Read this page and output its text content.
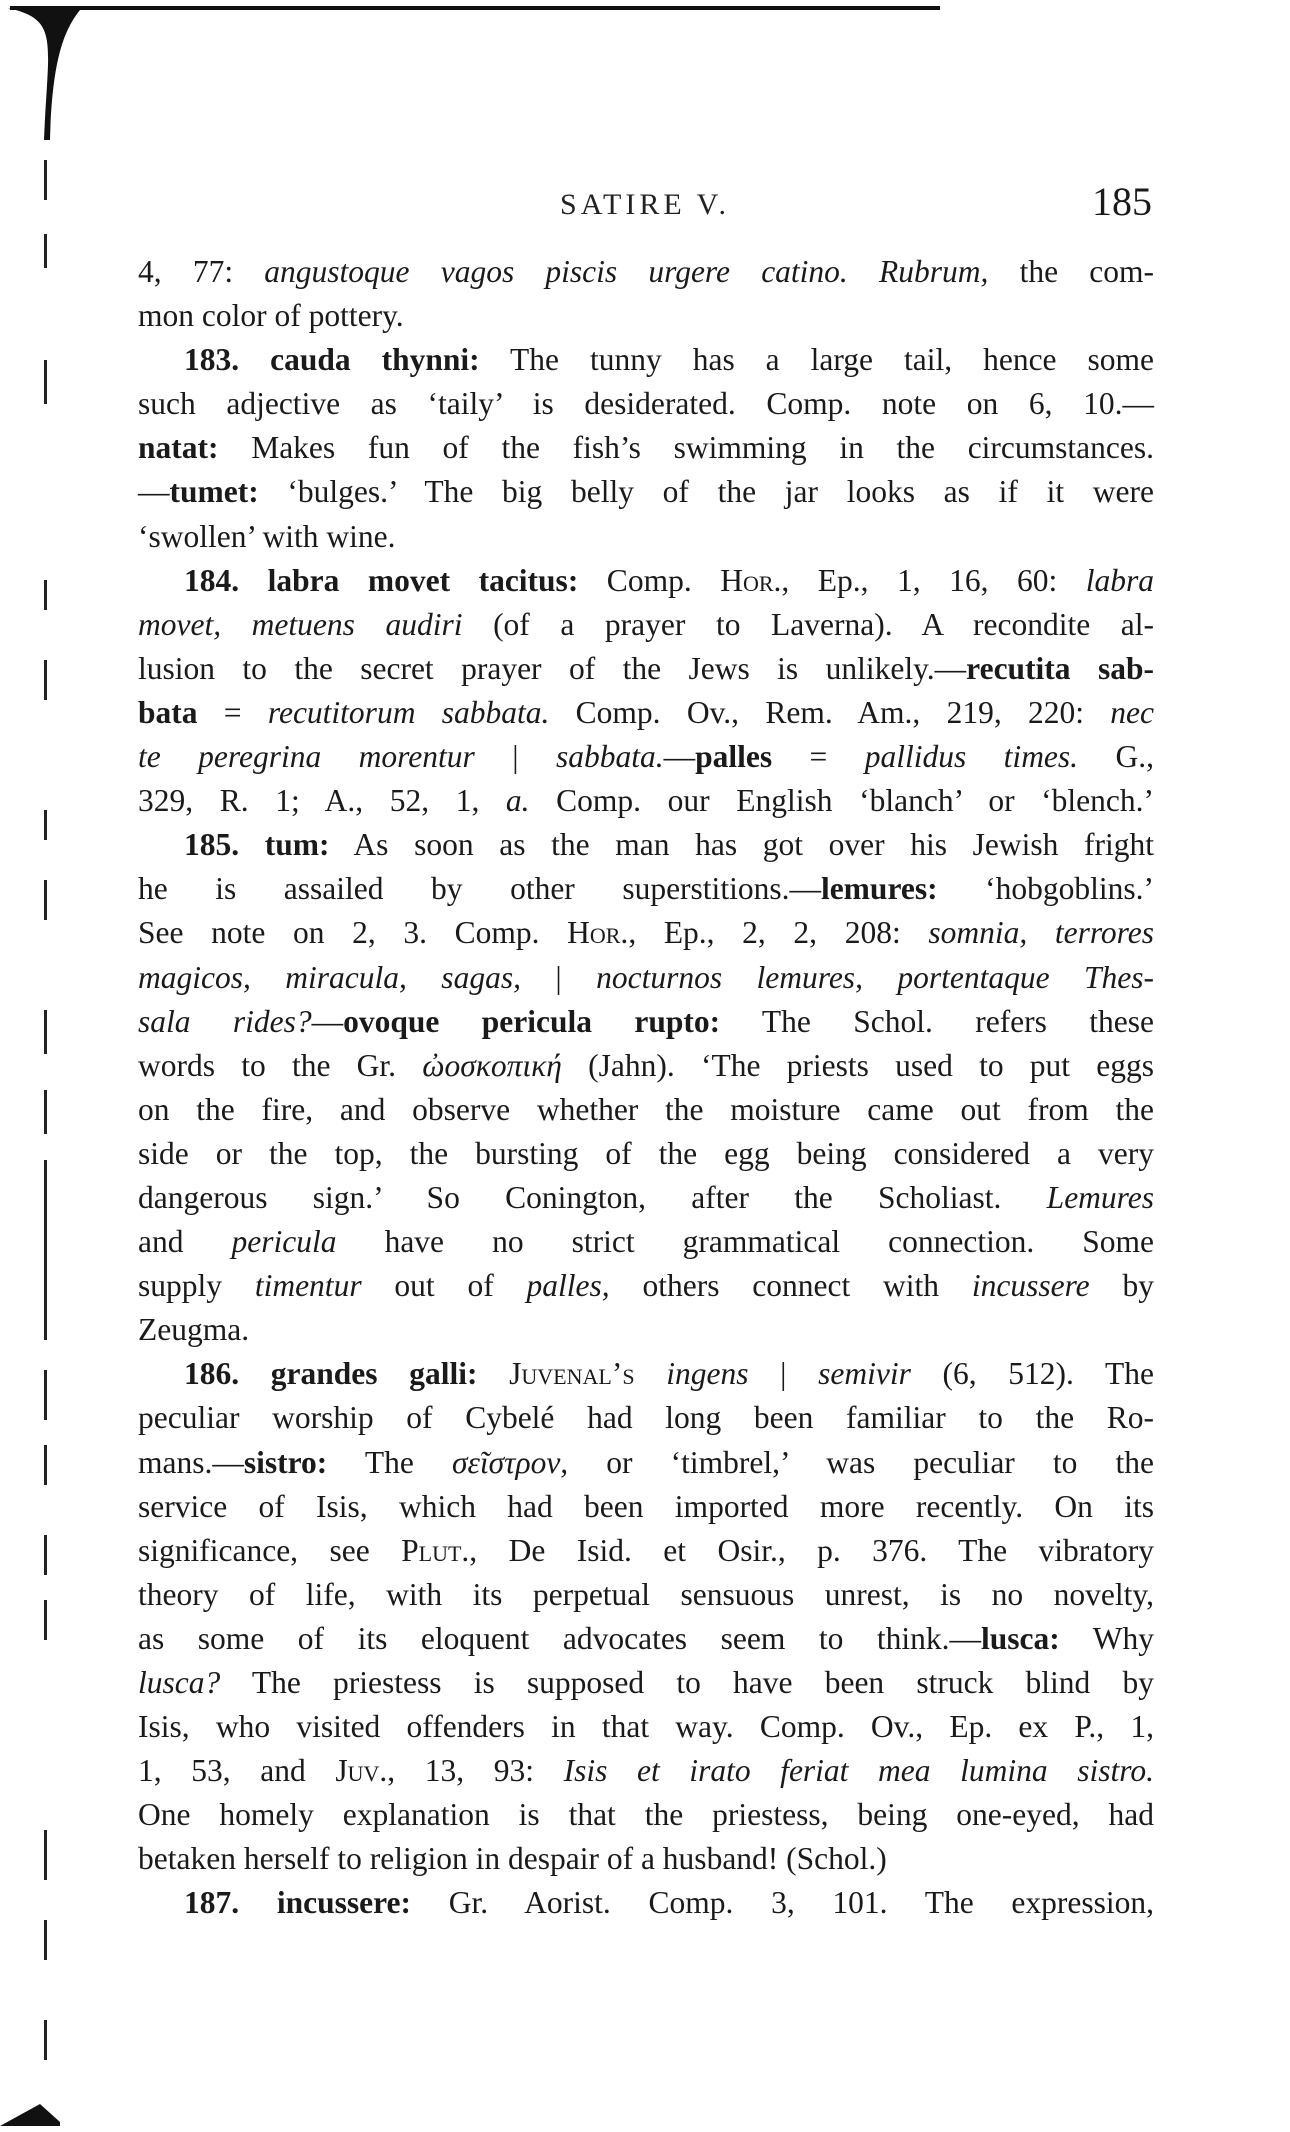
SATIRE V.	185
4, 77: angustoque vagos piscis urgere catino. Rubrum, the com-
mon color of pottery.
183. cauda thynni: The tunny has a large tail, hence some
such adjective as ‘taily’ is desiderated. Comp. note on 6, 10.—
natat: Makes fun of the fish’s swimming in the circumstances.
—tumet: ‘bulges.’ The big belly of the jar looks as if it were
‘swollen’ with wine.
184. labra movet tacitus: Comp. Hor., Ep., 1, 16, 60: labra
movet, metuens audiri (of a prayer to Laverna). A recondite al-
lusion to the secret prayer of the Jews is unlikely.—recutita sab-
bata = recutitorum sabbata. Comp. Ov., Rem. Am., 219, 220: nec
te peregrina morentur | sabbata.—palles = pallidus times. G.,
329, R. 1; A., 52, 1, a. Comp. our English ‘blanch’ or ‘blench.’
185. tum: As soon as the man has got over his Jewish fright
he is assailed by other superstitions.—lemures: ‘hobgoblins.’
See note on 2, 3. Comp. Hor., Ep., 2, 2, 208: somnia, terrores
magicos, miracula, sagas, | nocturnos lemures, portentaque Thes-
sala rides?—ovoque pericula rupto: The Schol. refers these
words to the Gr. ὠοσκοπική (Jahn). ‘The priests used to put eggs
on the fire, and observe whether the moisture came out from the
side or the top, the bursting of the egg being considered a very
dangerous sign.’ So Conington, after the Scholiast. Lemures
and pericula have no strict grammatical connection. Some
supply timentur out of palles, others connect with incussere by
Zeugma.
186. grandes galli: Juvenal’s ingens | semivir (6, 512). The
peculiar worship of Cybelé had long been familiar to the Ro-
mans.—sistro: The σεῖστρον, or ‘timbrel,’ was peculiar to the
service of Isis, which had been imported more recently. On its
significance, see Plut., De Isid. et Osir., p. 376. The vibratory
theory of life, with its perpetual sensuous unrest, is no novelty,
as some of its eloquent advocates seem to think.—lusca: Why
lusca? The priestess is supposed to have been struck blind by
Isis, who visited offenders in that way. Comp. Ov., Ep. ex P., 1,
1, 53, and Juv., 13, 93: Isis et irato feriat mea lumina sistro.
One homely explanation is that the priestess, being one-eyed, had
betaken herself to religion in despair of a husband! (Schol.)
187. incussere: Gr. Aorist. Comp. 3, 101. The expression,
